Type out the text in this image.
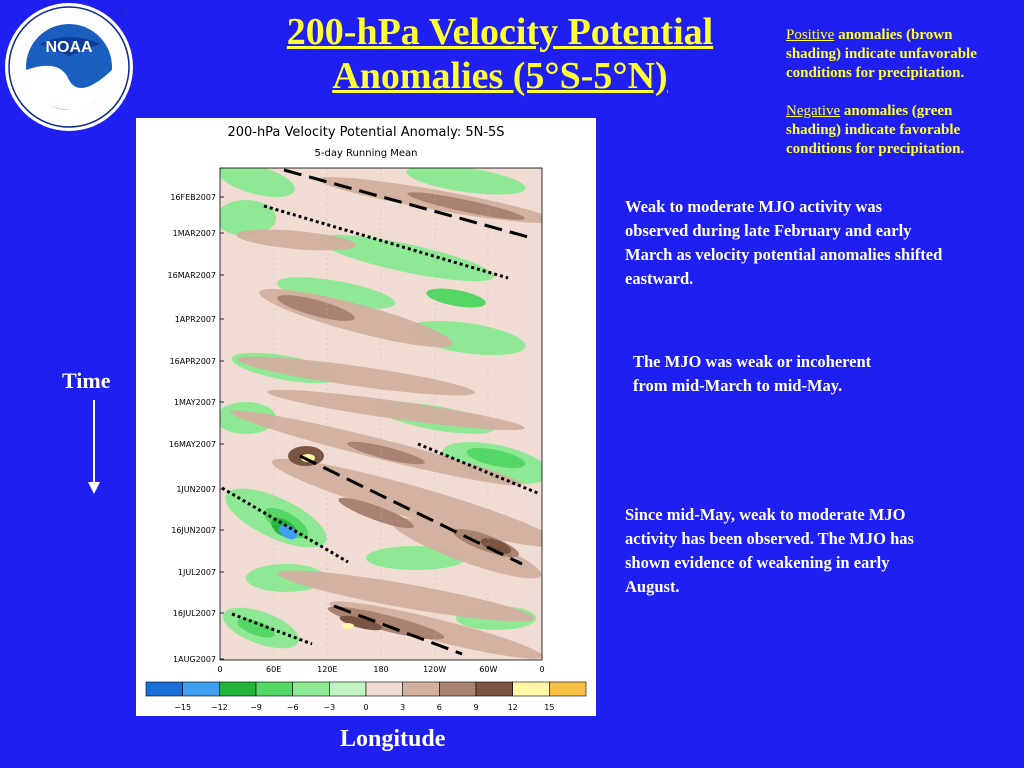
NOAA
®	200-hPa Velocity Potential
Anomalies (5°S-5°N)
Positive anomalies (brown shading) indicate unfavorable conditions for precipitation.
Negative anomalies (green shading) indicate favorable conditions for precipitation.
Weak to moderate MJO activity was observed during late February and early March as velocity potential anomalies shifted eastward.
The MJO was weak or incoherent from mid-March to mid-May.
Since mid-May, weak to moderate MJO activity has been observed. The MJO has shown evidence of weakening in early August.
Time
Longitude
200-hPa Velocity Potential Anomaly: 5N-5S
5-day Running Mean
16FEB2007
1MAR2007
16MAR2007
1APR2007
16APR2007
1MAY2007
16MAY2007
1JUN2007
16JUN2007
1JUL2007
16JUL2007
1AUG2007
0	60E	120E	180	120W	60W	0
−15 −12	−9	−6	−3	0	3	6	9	12	15
